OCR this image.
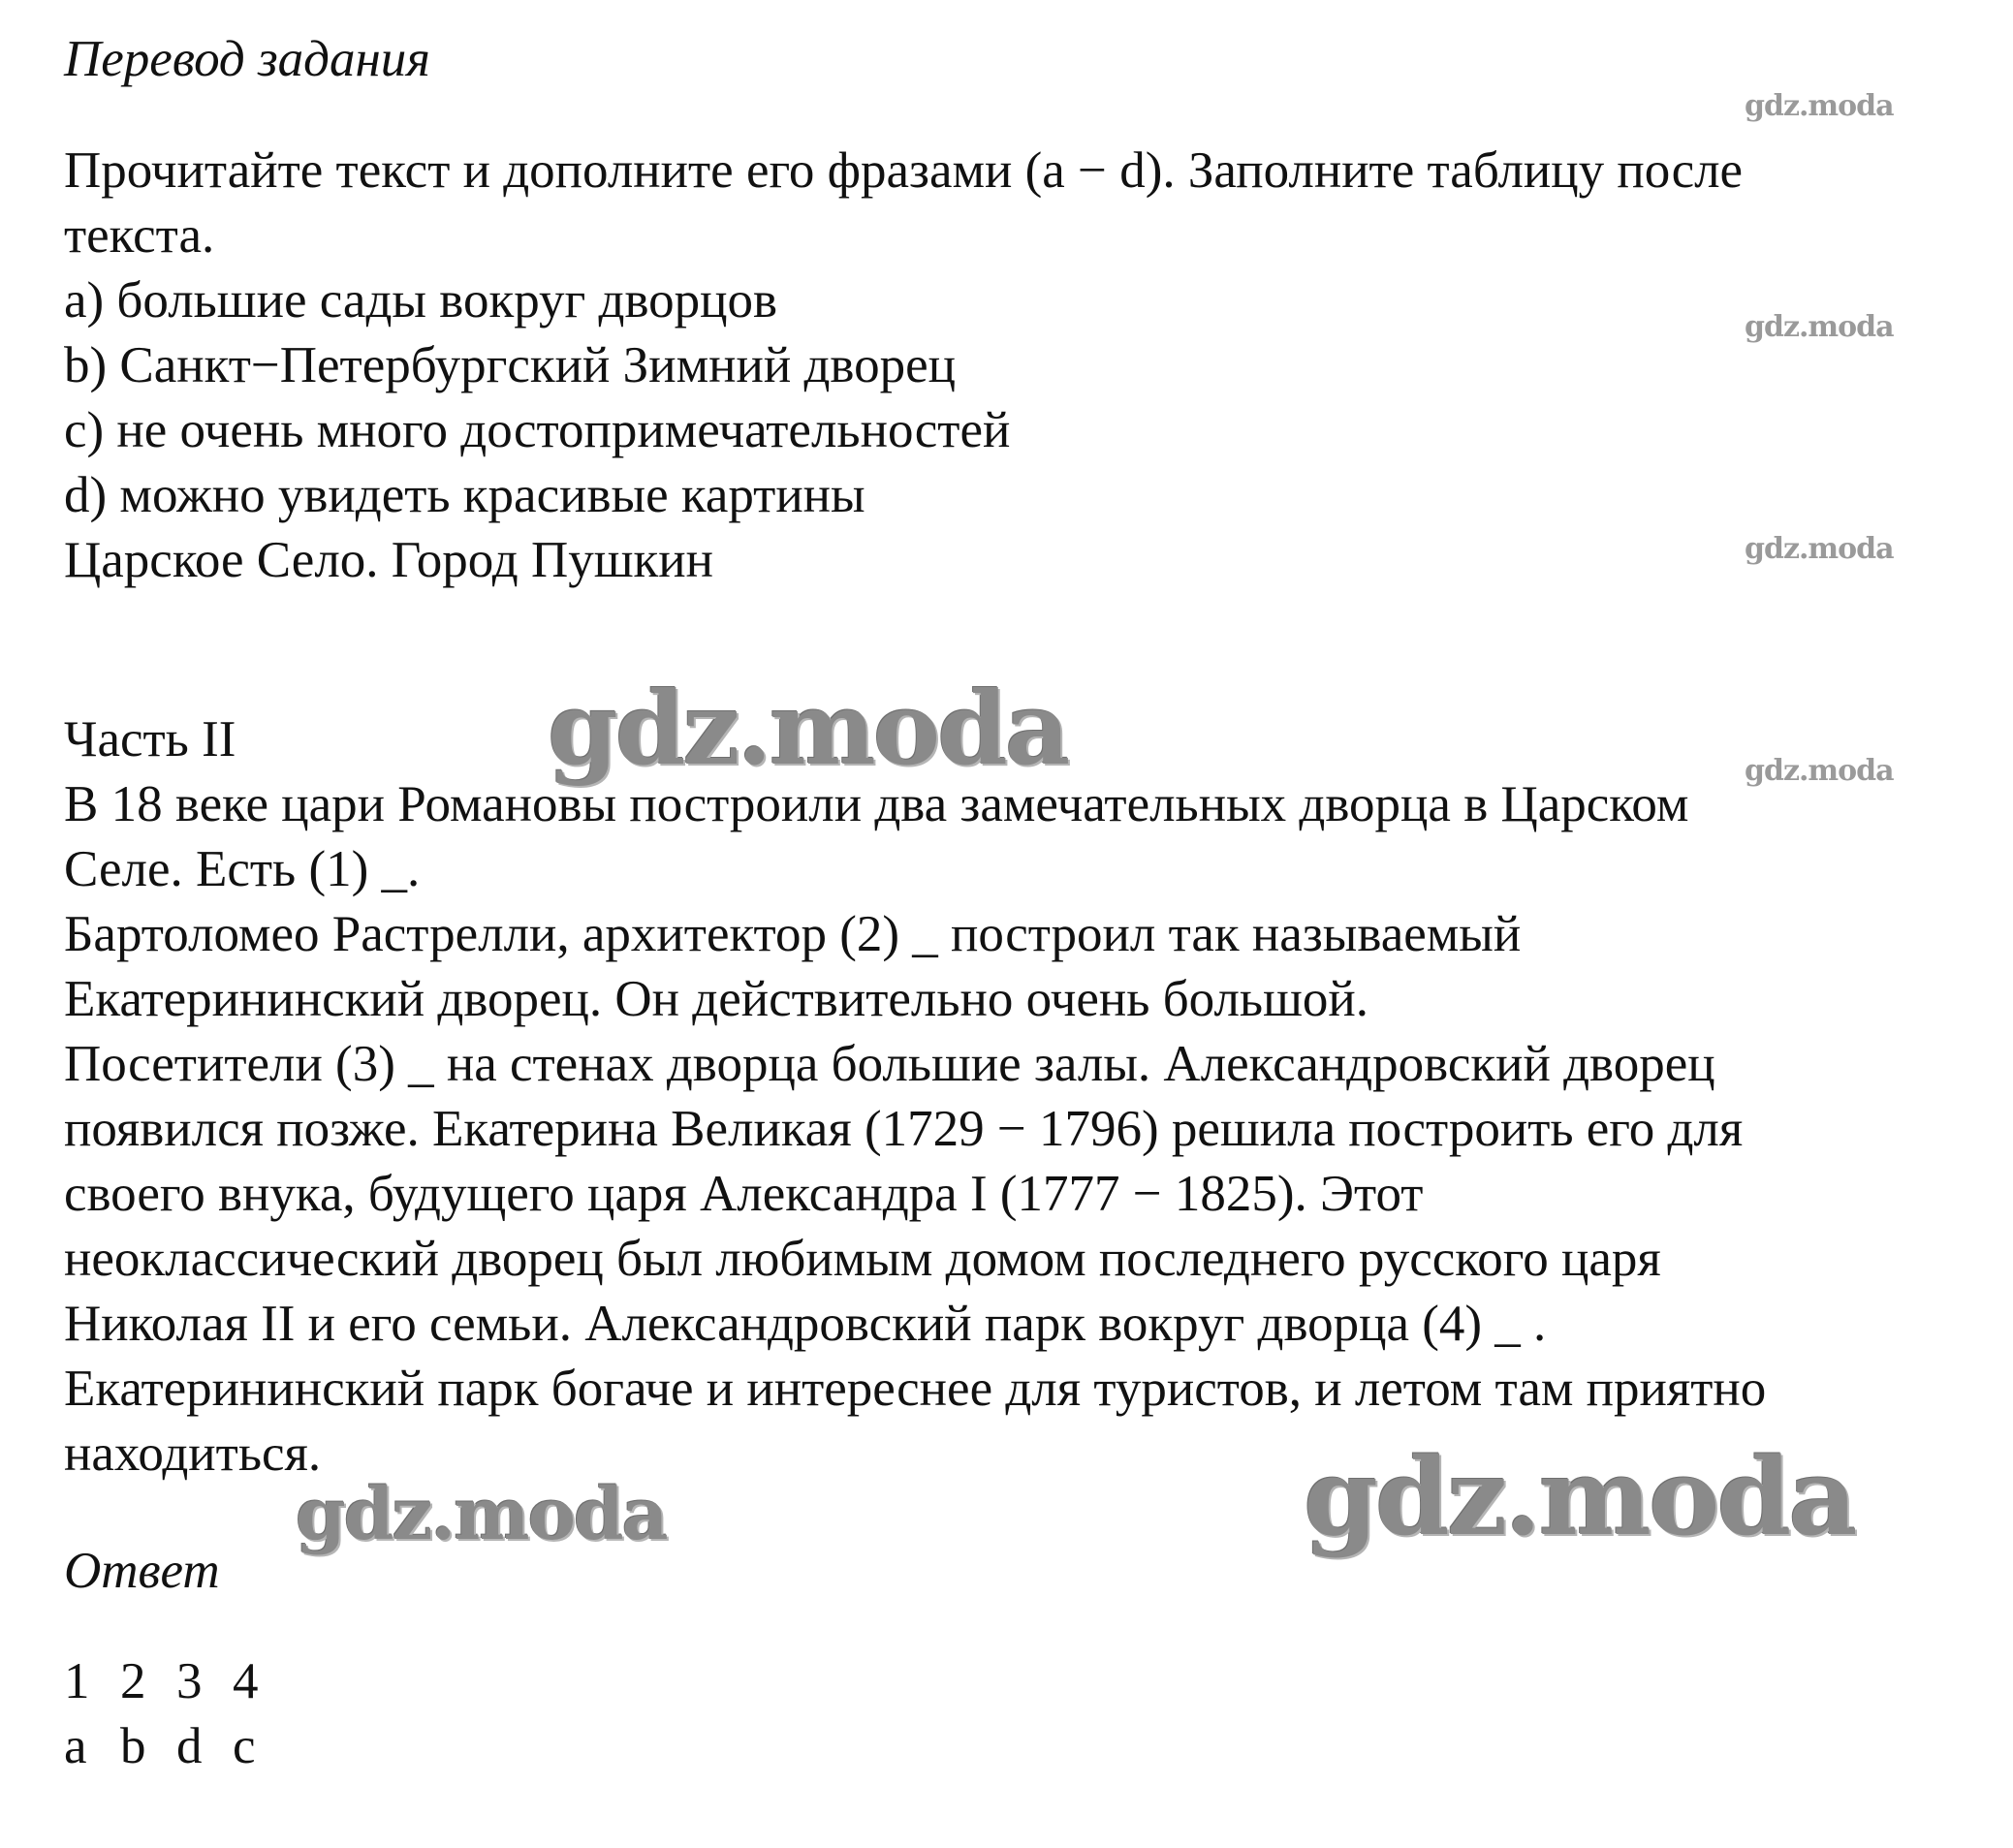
Перевод задания
Прочитайте текст и дополните его фразами (a − d). Заполните таблицу после
текста.
a) большие сады вокруг дворцов
b) Санкт−Петербургский Зимний дворец
c) не очень много достопримечательностей
d) можно увидеть красивые картины
Царское Село. Город Пушкин
Часть II
В 18 веке цари Романовы построили два замечательных дворца в Царском
Селе. Есть (1) _.
Бартоломео Растрелли, архитектор (2) _ построил так называемый
Екатерининский дворец. Он действительно очень большой.
Посетители (3) _ на стенах дворца большие залы. Александровский дворец
появился позже. Екатерина Великая (1729 − 1796) решила построить его для
своего внука, будущего царя Александра I (1777 − 1825). Этот
неоклассический дворец был любимым домом последнего русского царя
Николая II и его семьи. Александровский парк вокруг дворца (4) _ .
Екатерининский парк богаче и интереснее для туристов, и летом там приятно
находиться.
Ответ
1 2 3 4
a b d c
gdz.moda
gdz.moda
gdz.moda
gdz.moda
gdz.moda
gdz.moda
gdz.moda
